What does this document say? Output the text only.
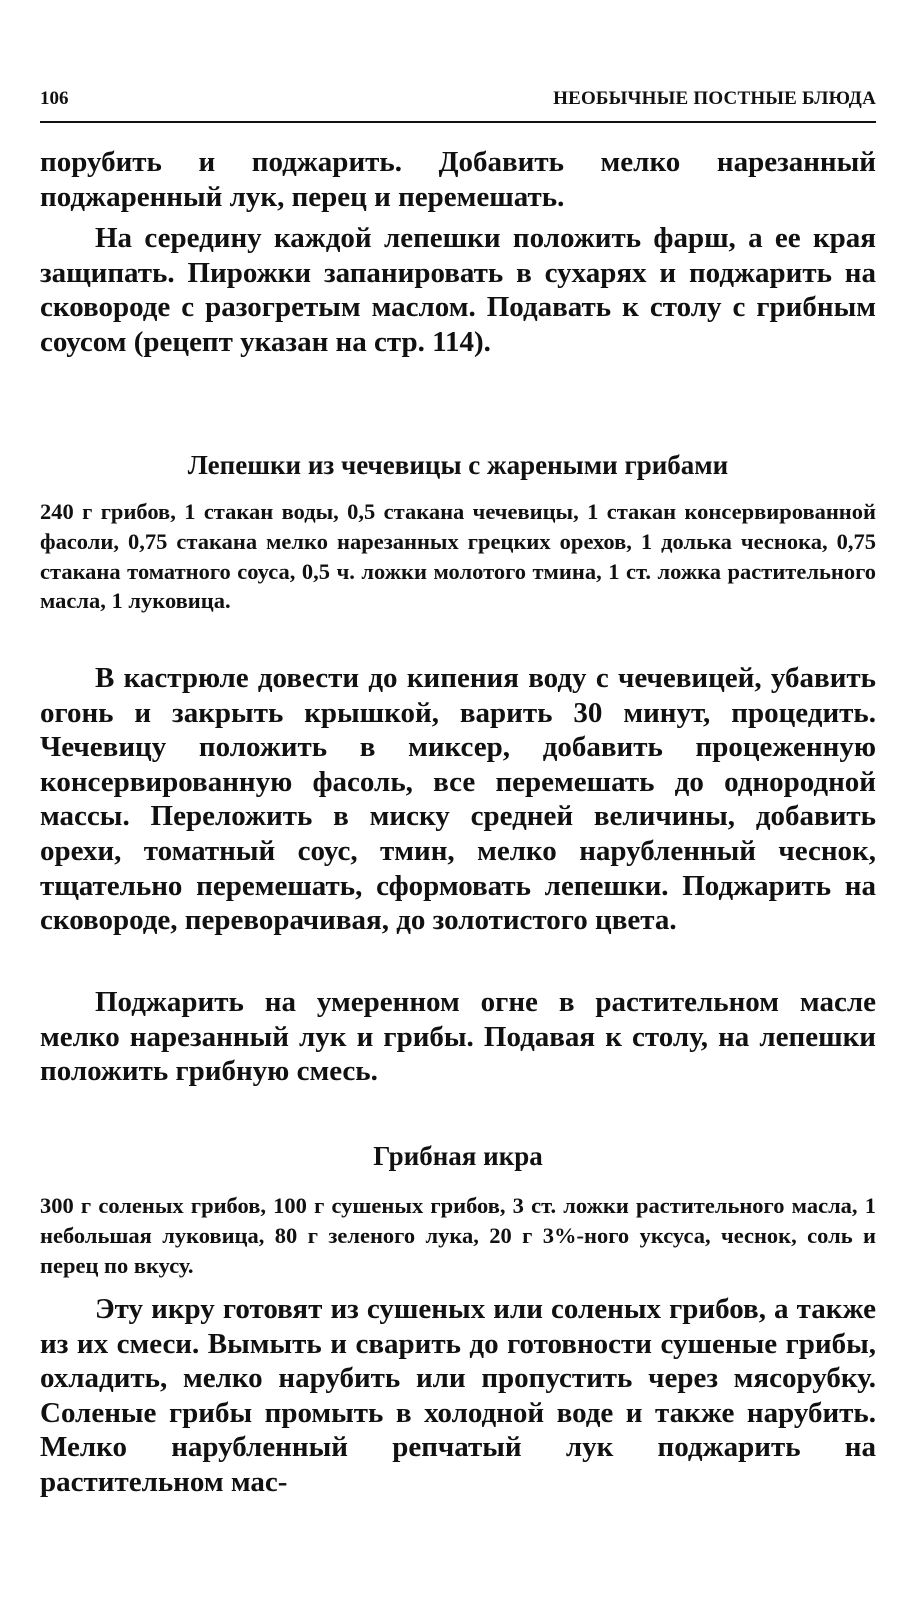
106	НЕОБЫЧНЫЕ ПОСТНЫЕ БЛЮДА

порубить и поджарить. Добавить мелко нарезанный поджаренный лук, перец и перемешать.

На середину каждой лепешки положить фарш, а ее края защипать. Пирожки запанировать в сухарях и поджарить на сковороде с разогретым маслом. Подавать к столу с грибным соусом (рецепт указан на стр. 114).

Лепешки из чечевицы с жареными грибами

240 г грибов, 1 стакан воды, 0,5 стакана чечевицы, 1 стакан консервированной фасоли, 0,75 стакана мелко нарезанных грецких орехов, 1 долька чеснока, 0,75 стакана томатного соуса, 0,5 ч. ложки молотого тмина, 1 ст. ложка растительного масла, 1 луковица.

В кастрюле довести до кипения воду с чечевицей, убавить огонь и закрыть крышкой, варить 30 минут, процедить. Чечевицу положить в миксер, добавить процеженную консервированную фасоль, все перемешать до однородной массы. Переложить в миску средней величины, добавить орехи, томатный соус, тмин, мелко нарубленный чеснок, тщательно перемешать, сформовать лепешки. Поджарить на сковороде, переворачивая, до золотистого цвета.

Поджарить на умеренном огне в растительном масле мелко нарезанный лук и грибы. Подавая к столу, на лепешки положить грибную смесь.

Грибная икра

300 г соленых грибов, 100 г сушеных грибов, 3 ст. ложки растительного масла, 1 небольшая луковица, 80 г зеленого лука, 20 г 3%-ного уксуса, чеснок, соль и перец по вкусу.

Эту икру готовят из сушеных или соленых грибов, а также из их смеси. Вымыть и сварить до готовности сушеные грибы, охладить, мелко нарубить или пропустить через мясорубку. Соленые грибы промыть в холодной воде и также нарубить. Мелко нарубленный репчатый лук поджарить на растительном мас-
